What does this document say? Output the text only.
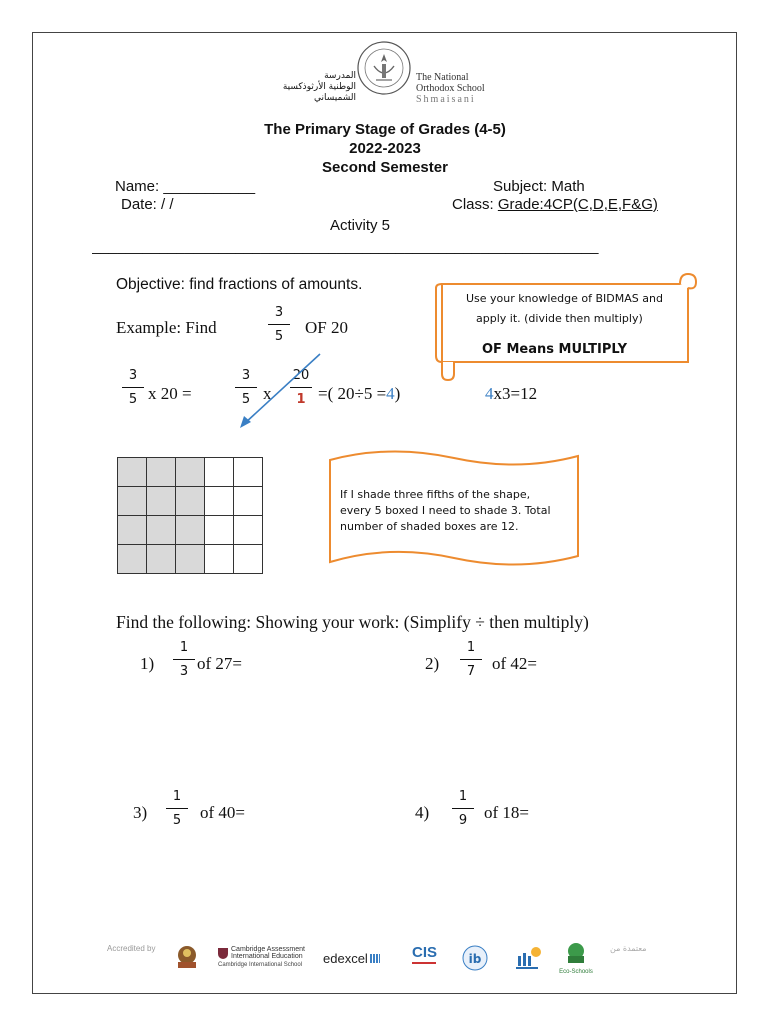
المدرسة
الوطنية الأرثوذكسية
الشميساني
The National
Orthodox School
Shmaisani
The Primary Stage of Grades (4-5)
2022-2023
Second Semester
Name: ___________
Date: / /
Subject: Math
Class: Grade:4CP(C,D,E,F&G)
Activity 5
____________________________________________________________
Objective: find fractions of amounts.
Example: Find
3
5	OF 20
3
5 x 20 =
3
5 x
20
1 =( 20÷5 =4)	4x3=12
Use your knowledge of BIDMAS and
apply it. (divide then multiply)
OF Means MULTIPLY

If I shade three fifths of the shape,
every 5 boxed I need to shade 3. Total
number of shaded boxes are 12.
Find the following: Showing your work: (Simplify ÷ then multiply)
1)
1
3 of 27=	2)
1
7 of 42=
3)
1
5	of 40=	4)
1
9 of 18=
Accredited by	Cambridge Assessment
International Education
Cambridge International School edexcel	CIS	ib
Eco-Schools
معتمدة من
